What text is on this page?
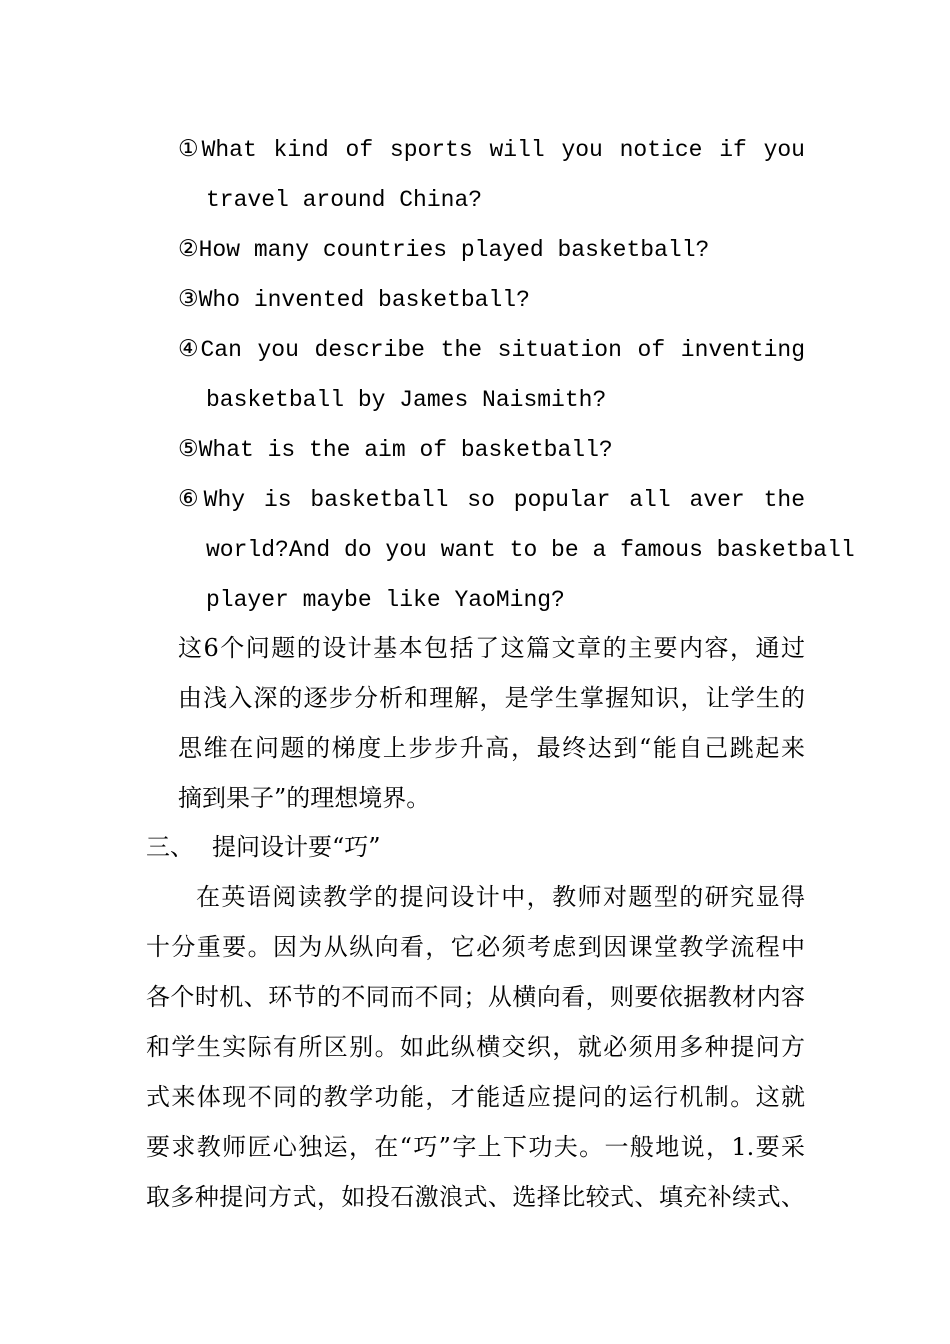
①What kind of sports will you notice if you
travel around China?
②How many countries played basketball?
③Who invented basketball?
④Can you describe the situation of inventing
basketball by James Naismith?
⑤What is the aim of basketball?
⑥Why is basketball so popular all aver the
world?And do you want to be a famous basketball
player maybe like YaoMing?
这6个问题的设计基本包括了这篇文章的主要内容，通过
由浅入深的逐步分析和理解，是学生掌握知识，让学生的
思维在问题的梯度上步步升高，最终达到“能自己跳起来
摘到果子”的理想境界。
三、 提问设计要“巧”
在英语阅读教学的提问设计中，教师对题型的研究显得
十分重要。因为从纵向看，它必须考虑到因课堂教学流程中
各个时机、环节的不同而不同；从横向看，则要依据教材内容
和学生实际有所区别。如此纵横交织，就必须用多种提问方
式来体现不同的教学功能，才能适应提问的运行机制。这就
要求教师匠心独运，在“巧”字上下功夫。一般地说，1.要采
取多种提问方式，如投石激浪式、选择比较式、填充补续式、
